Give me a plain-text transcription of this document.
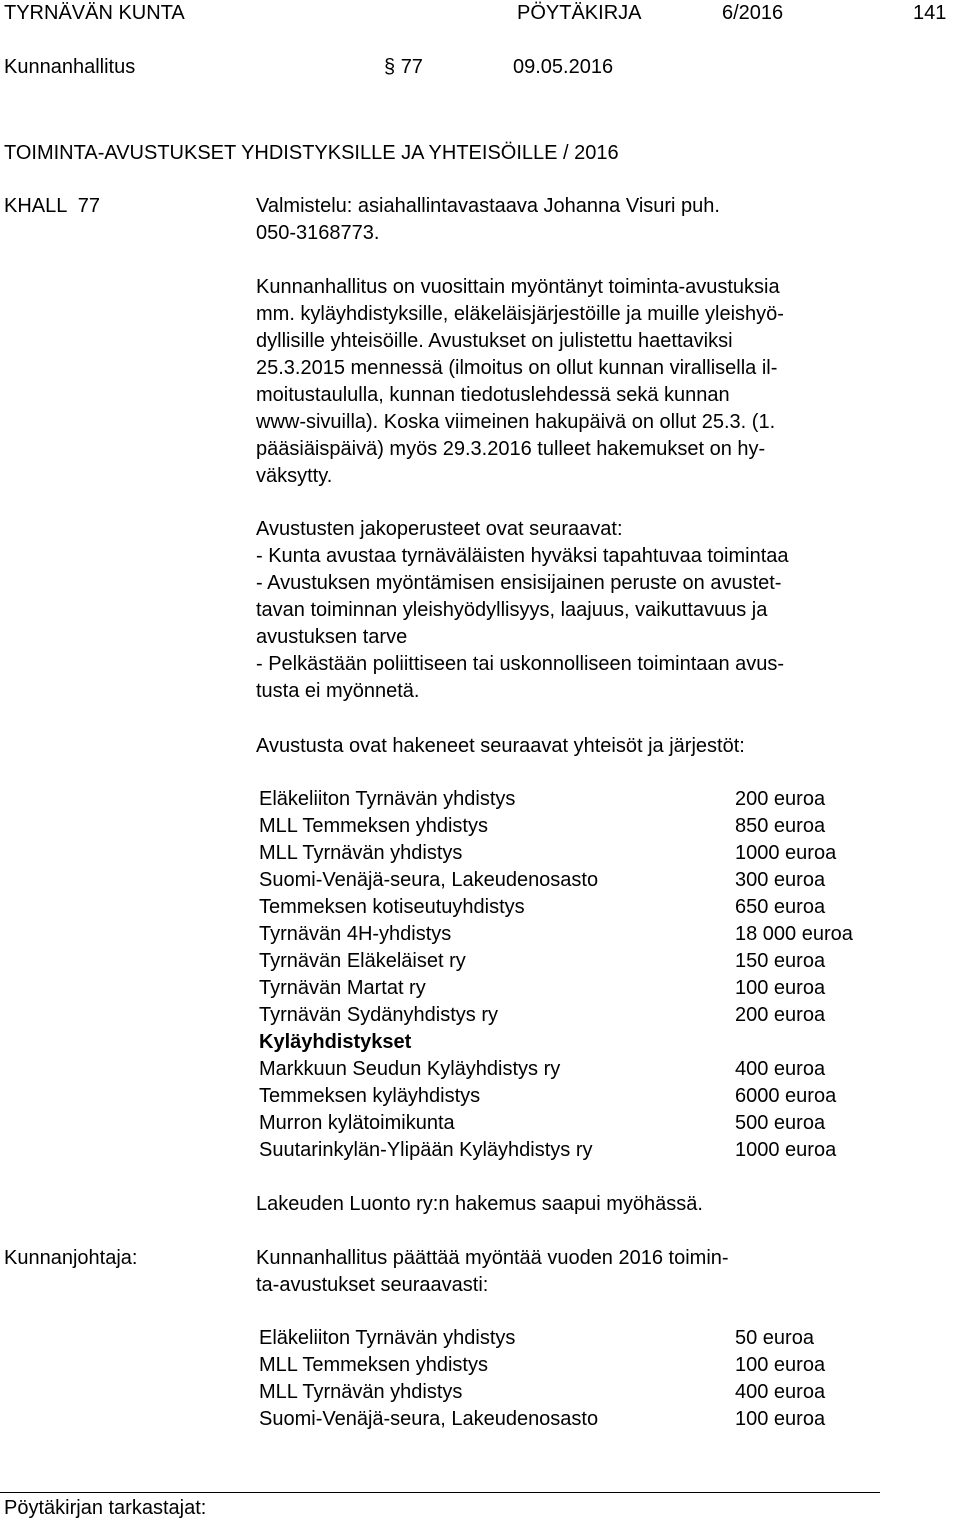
TYRNÄVÄN KUNTA	PÖYTÄKIRJA	6/2016	141
Kunnanhallitus	§ 77	09.05.2016
TOIMINTA-AVUSTUKSET YHDISTYKSILLE JA YHTEISÖILLE / 2016
KHALL  77	Valmistelu: asiahallintavastaava Johanna Visuri puh.

050-3168773.

Kunnanhallitus on vuosittain myöntänyt toiminta-avustuksia

mm. kyläyhdistyksille, eläkeläisjärjestöille ja muille yleishyö-

dyllisille yhteisöille. Avustukset on julistettu haettaviksi

25.3.2015 mennessä (ilmoitus on ollut kunnan virallisella il-

moitustaululla, kunnan tiedotuslehdessä sekä kunnan

www-sivuilla). Koska viimeinen hakupäivä on ollut 25.3. (1.

pääsiäispäivä) myös 29.3.2016 tulleet hakemukset on hy-

väksytty.

Avustusten jakoperusteet ovat seuraavat:

- Kunta avustaa tyrnäväläisten hyväksi tapahtuvaa toimintaa

- Avustuksen myöntämisen ensisijainen peruste on avustet-

tavan toiminnan yleishyödyllisyys, laajuus, vaikuttavuus ja

avustuksen tarve

- Pelkästään poliittiseen tai uskonnolliseen toimintaan avus-

tusta ei myönnetä.

Avustusta ovat hakeneet seuraavat yhteisöt ja järjestöt:
Eläkeliiton Tyrnävän yhdistys	200 euroa
MLL Temmeksen yhdistys	850 euroa
MLL Tyrnävän yhdistys	1000 euroa
Suomi-Venäjä-seura, Lakeudenosasto	300 euroa
Temmeksen kotiseutuyhdistys	650 euroa
Tyrnävän 4H-yhdistys	18 000 euroa
Tyrnävän Eläkeläiset ry	150 euroa
Tyrnävän Martat ry	100 euroa
Tyrnävän Sydänyhdistys ry	200 euroa
Kyläyhdistykset
Markkuun Seudun Kyläyhdistys ry	400 euroa
Temmeksen kyläyhdistys	6000 euroa
Murron kylätoimikunta	500 euroa
Suutarinkylän-Ylipään Kyläyhdistys ry	1000 euroa
Lakeuden Luonto ry:n hakemus saapui myöhässä.
Kunnanjohtaja:	Kunnanhallitus päättää myöntää vuoden 2016 toimin-

ta-avustukset seuraavasti:

Eläkeliiton Tyrnävän yhdistys	50 euroa
MLL Temmeksen yhdistys	100 euroa
MLL Tyrnävän yhdistys	400 euroa
Suomi-Venäjä-seura, Lakeudenosasto	100 euroa
Pöytäkirjan tarkastajat:
